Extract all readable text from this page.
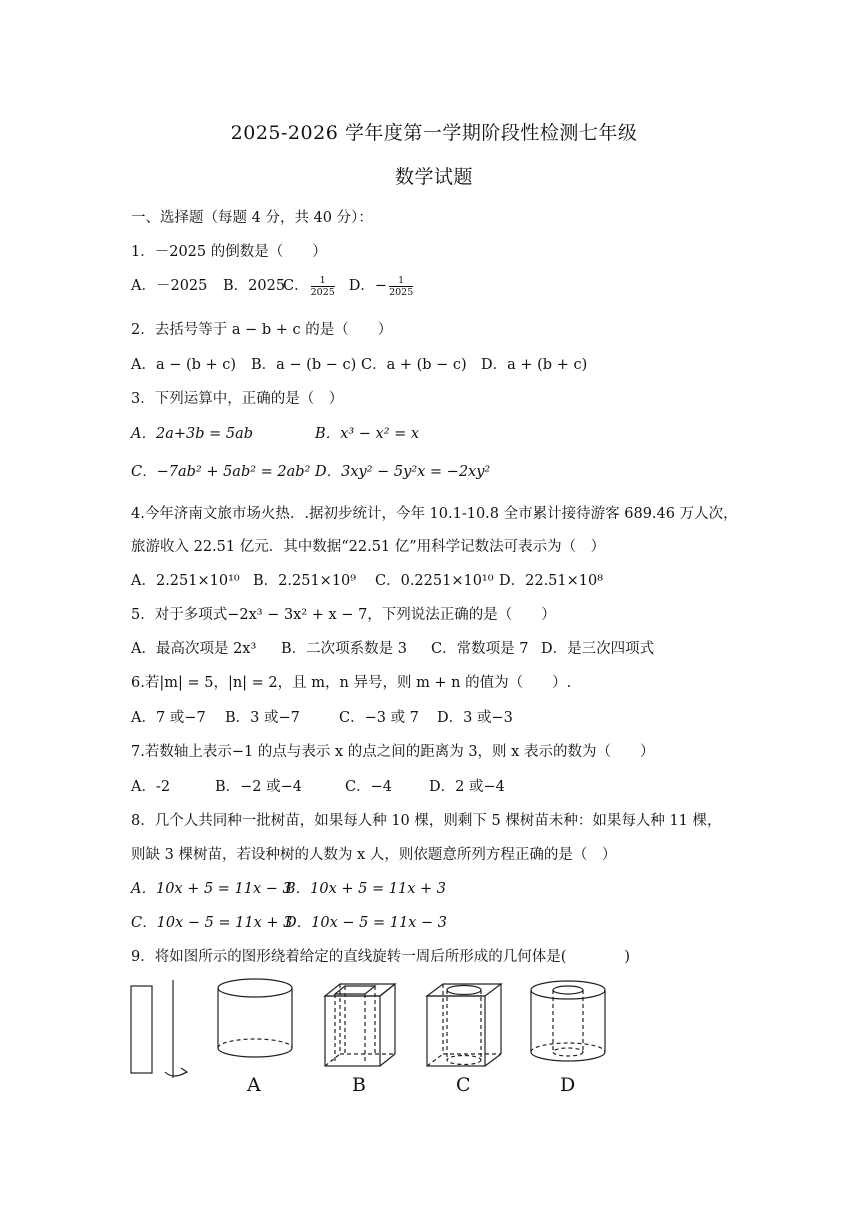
2025-2026 学年度第一学期阶段性检测七年级
数学试题
一、选择题（每题 4 分，共 40 分）：
1．－2025 的倒数是（　　）
A．－2025 B．2025C． $\frac{1}{2025}$ D．− $\frac{1}{2025}$
2．去括号等于 a − b + c 的是（　　）
A．a − (b + c) B．a − (b − c) C．a + (b − c) D．a + (b + c)
3．下列运算中，正确的是（　）
A．2a+3b = 5ab	B．x³ − x² = x
C．−7ab² + 5ab² = 2ab² D．3xy² − 5y²x = −2xy²
4.今年济南文旅市场火热．.据初步统计，今年 10.1-10.8 全市累计接待游客 689.46 万人次，
旅游收入 22.51 亿元．其中数据“22.51 亿”用科学记数法可表示为（　）
A．2.251×10¹⁰ B．2.251×10⁹ C．0.2251×10¹⁰ D．22.51×10⁸
5．对于多项式−2x³ − 3x² + x − 7，下列说法正确的是（　　）
A．最高次项是 2x³ B．二次项系数是 3 C．常数项是 7 D．是三次四项式
6.若|m| = 5，|n| = 2，且 m，n 异号，则 m + n 的值为（　　）.
A．7 或−7 B．3 或−7	C．−3 或 7 D．3 或−3
7.若数轴上表示−1 的点与表示 x 的点之间的距离为 3，则 x 表示的数为（　　）
A．-2	B．−2 或−4	C．−4	D．2 或−4
8．几个人共同种一批树苗，如果每人种 10 棵，则剩下 5 棵树苗未种：如果每人种 11 棵，
则缺 3 棵树苗，若设种树的人数为 x 人，则依题意所列方程正确的是（　）
A．10x + 5 = 11x − 3B．10x + 5 = 11x + 3
C．10x − 5 = 11x + 3D．10x − 5 = 11x − 3
9．将如图所示的图形绕着给定的直线旋转一周后所形成的几何体是(　　　　)
A	B	C	D
